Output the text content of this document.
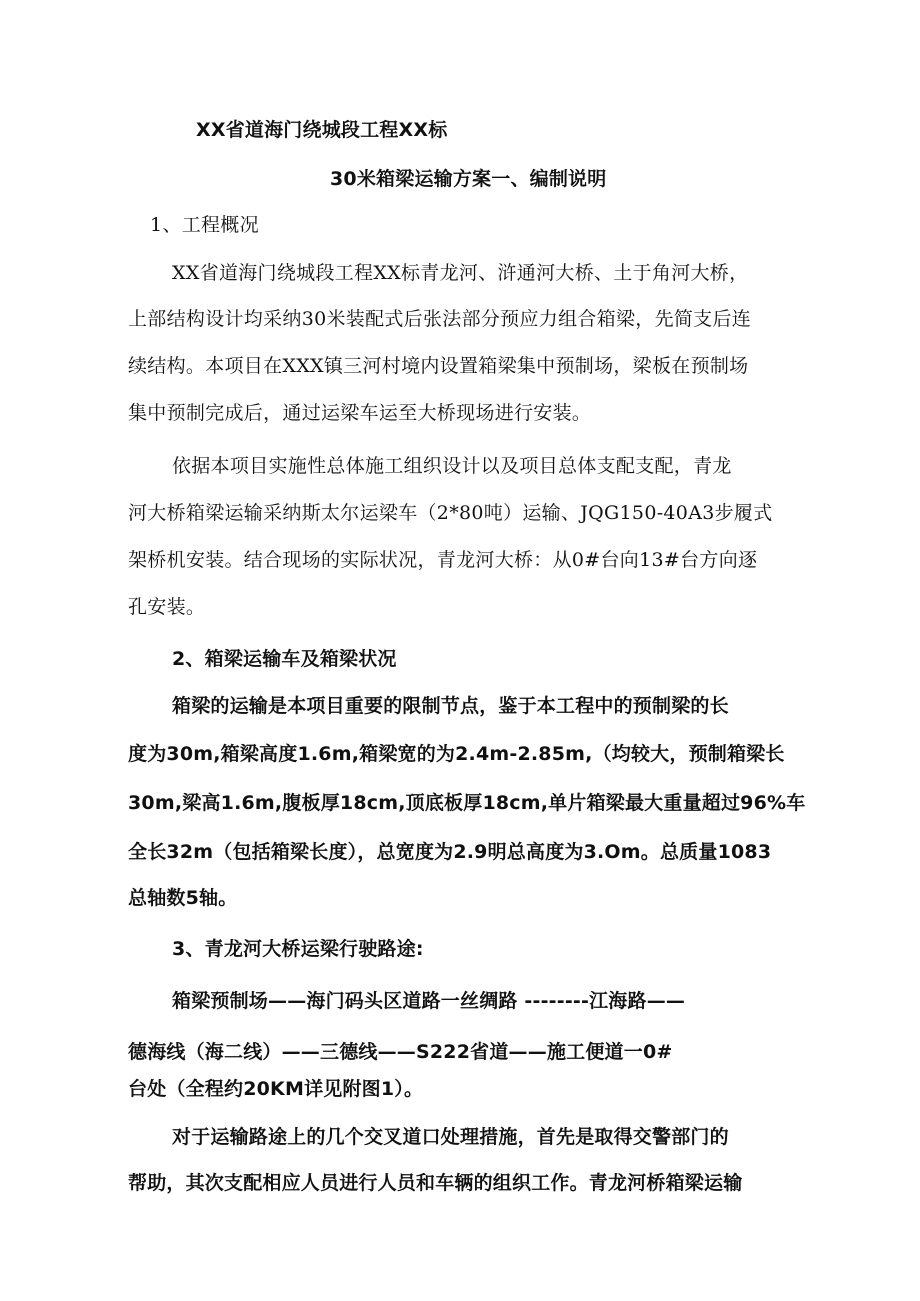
XX省道海门绕城段工程XX标
30米箱梁运输方案一、编制说明
1、工程概况
XX省道海门绕城段工程XX标青龙河、浒通河大桥、土于角河大桥，
上部结构设计均采纳30米装配式后张法部分预应力组合箱梁，先简支后连
续结构。本项目在XXX镇三河村境内设置箱梁集中预制场，梁板在预制场
集中预制完成后，通过运梁车运至大桥现场进行安装。
依据本项目实施性总体施工组织设计以及项目总体支配支配，青龙
河大桥箱梁运输采纳斯太尔运梁车（2*80吨）运输、JQG150-40A3步履式
架桥机安装。结合现场的实际状况，青龙河大桥：从0#台向13#台方向逐
孔安装。
2、箱梁运输车及箱梁状况
箱梁的运输是本项目重要的限制节点，鉴于本工程中的预制梁的长
度为30m,箱梁高度1.6m,箱梁宽的为2.4m-2.85m,（均较大，预制箱梁长
30m,梁高1.6m,腹板厚18cm,顶底板厚18cm,单片箱梁最大重量超过96%车
全长32m（包括箱梁长度），总宽度为2.9明总高度为3.Om。总质量1083
总轴数5轴。
3、青龙河大桥运梁行驶路途:
箱梁预制场——海门码头区道路一丝绸路 --------江海路——
德海线（海二线）——三德线——S222省道——施工便道一0#
台处（全程约20KM详见附图1）。
对于运输路途上的几个交叉道口处理措施，首先是取得交警部门的
帮助，其次支配相应人员进行人员和车辆的组织工作。青龙河桥箱梁运输
